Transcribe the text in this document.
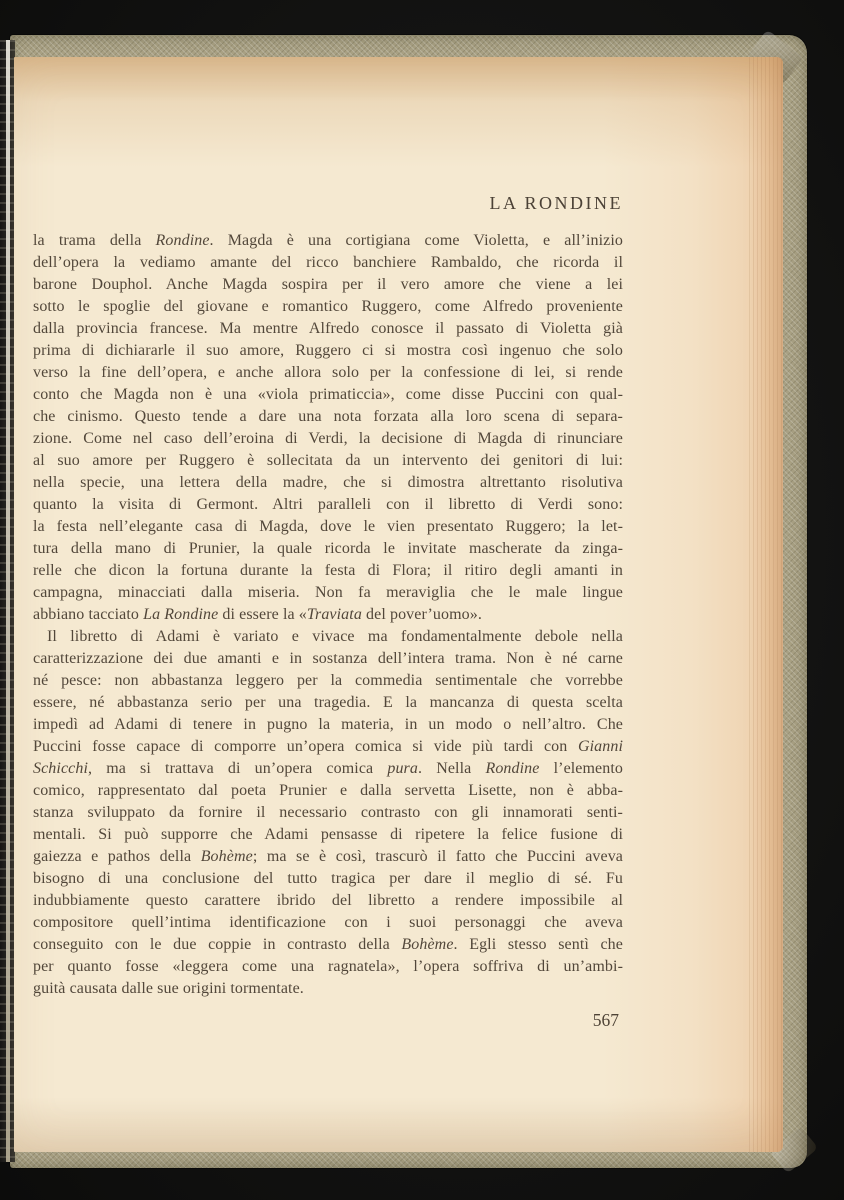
LA RONDINE
la trama della Rondine. Magda è una cortigiana come Violetta, e all’inizio
dell’opera la vediamo amante del ricco banchiere Rambaldo, che ricorda il
barone Douphol. Anche Magda sospira per il vero amore che viene a lei
sotto le spoglie del giovane e romantico Ruggero, come Alfredo proveniente
dalla provincia francese. Ma mentre Alfredo conosce il passato di Violetta già
prima di dichiararle il suo amore, Ruggero ci si mostra così ingenuo che solo
verso la fine dell’opera, e anche allora solo per la confessione di lei, si rende
conto che Magda non è una «viola primaticcia», come disse Puccini con qual-
che cinismo. Questo tende a dare una nota forzata alla loro scena di separa-
zione. Come nel caso dell’eroina di Verdi, la decisione di Magda di rinunciare
al suo amore per Ruggero è sollecitata da un intervento dei genitori di lui:
nella specie, una lettera della madre, che si dimostra altrettanto risolutiva
quanto la visita di Germont. Altri paralleli con il libretto di Verdi sono:
la festa nell’elegante casa di Magda, dove le vien presentato Ruggero; la let-
tura della mano di Prunier, la quale ricorda le invitate mascherate da zinga-
relle che dicon la fortuna durante la festa di Flora; il ritiro degli amanti in
campagna, minacciati dalla miseria. Non fa meraviglia che le male lingue
abbiano tacciato La Rondine di essere la «Traviata del pover’uomo».
Il libretto di Adami è variato e vivace ma fondamentalmente debole nella
caratterizzazione dei due amanti e in sostanza dell’intera trama. Non è né carne
né pesce: non abbastanza leggero per la commedia sentimentale che vorrebbe
essere, né abbastanza serio per una tragedia. E la mancanza di questa scelta
impedì ad Adami di tenere in pugno la materia, in un modo o nell’altro. Che
Puccini fosse capace di comporre un’opera comica si vide più tardi con Gianni
Schicchi, ma si trattava di un’opera comica pura. Nella Rondine l’elemento
comico, rappresentato dal poeta Prunier e dalla servetta Lisette, non è abba-
stanza sviluppato da fornire il necessario contrasto con gli innamorati senti-
mentali. Si può supporre che Adami pensasse di ripetere la felice fusione di
gaiezza e pathos della Bohème; ma se è così, trascurò il fatto che Puccini aveva
bisogno di una conclusione del tutto tragica per dare il meglio di sé. Fu
indubbiamente questo carattere ibrido del libretto a rendere impossibile al
compositore quell’intima identificazione con i suoi personaggi che aveva
conseguito con le due coppie in contrasto della Bohème. Egli stesso sentì che
per quanto fosse «leggera come una ragnatela», l’opera soffriva di un’ambi-
guità causata dalle sue origini tormentate.
567
